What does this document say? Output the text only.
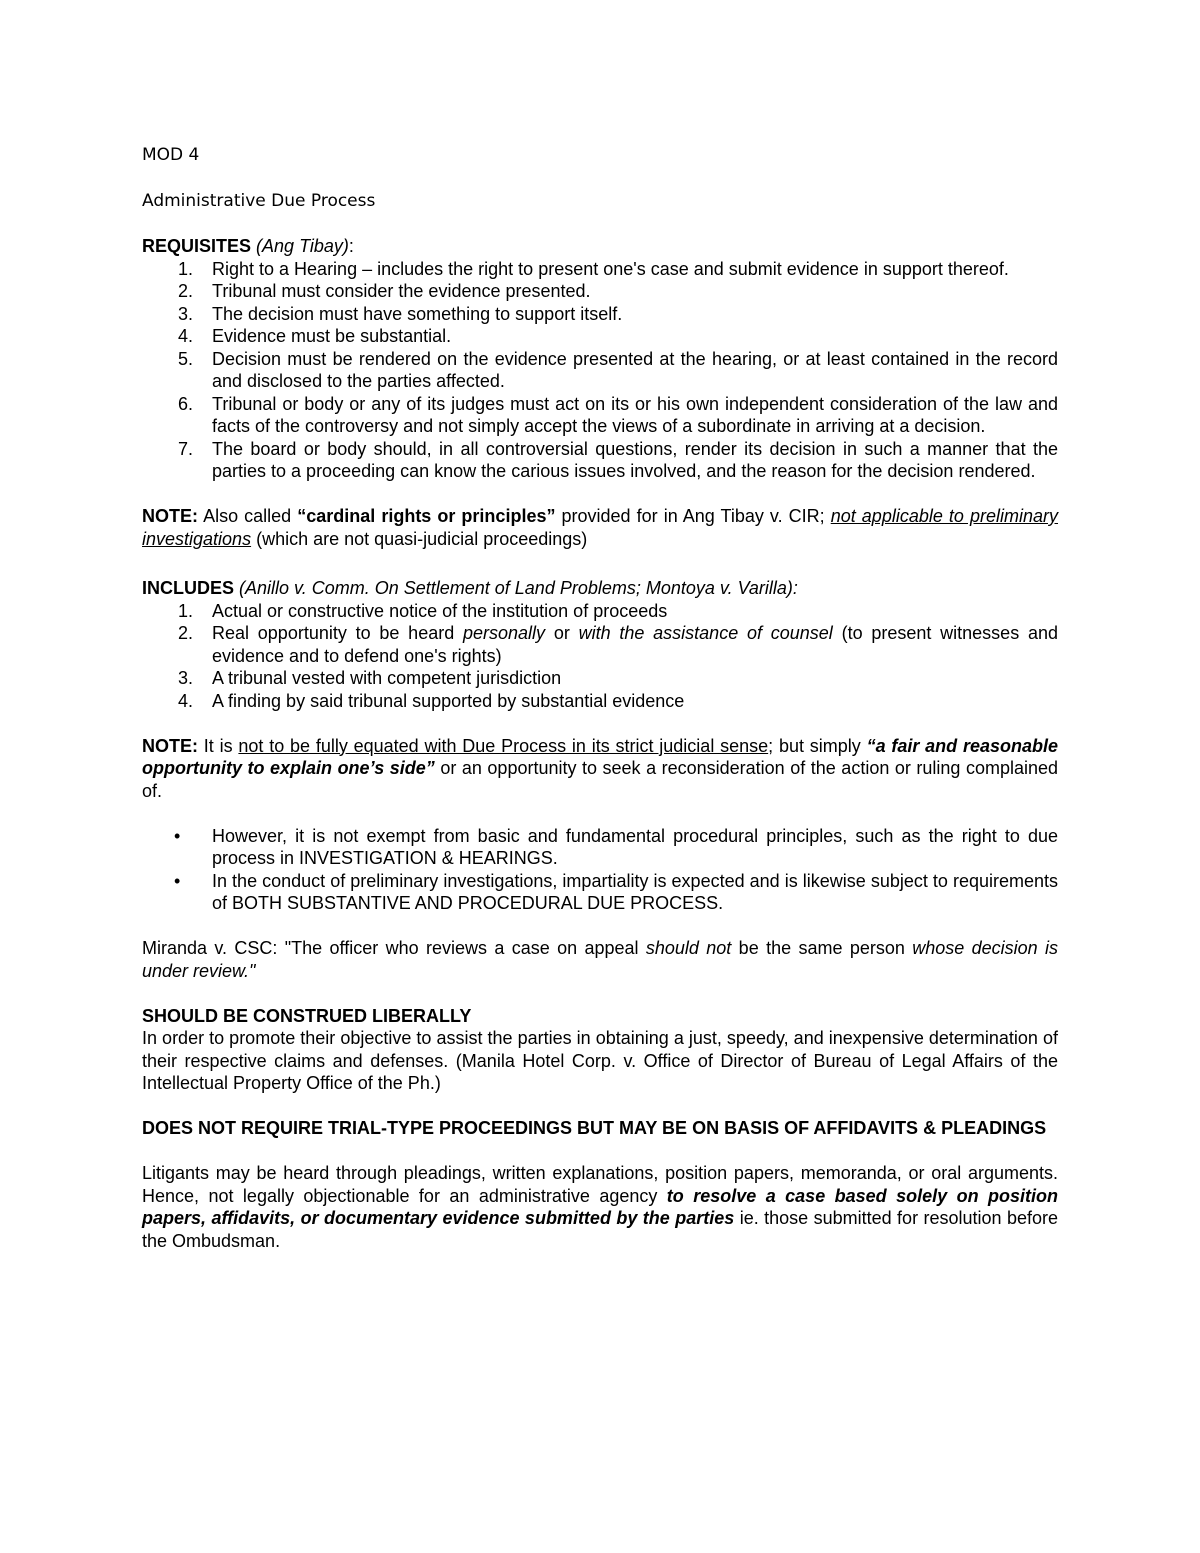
MOD 4
Administrative Due Process
REQUISITES (Ang Tibay):
1. Right to a Hearing – includes the right to present one's case and submit evidence in support thereof.
2. Tribunal must consider the evidence presented.
3. The decision must have something to support itself.
4. Evidence must be substantial.
5. Decision must be rendered on the evidence presented at the hearing, or at least contained in the record and disclosed to the parties affected.
6. Tribunal or body or any of its judges must act on its or his own independent consideration of the law and facts of the controversy and not simply accept the views of a subordinate in arriving at a decision.
7. The board or body should, in all controversial questions, render its decision in such a manner that the parties to a proceeding can know the carious issues involved, and the reason for the decision rendered.

NOTE: Also called “cardinal rights or principles” provided for in Ang Tibay v. CIR; not applicable to preliminary investigations (which are not quasi-judicial proceedings)

INCLUDES (Anillo v. Comm. On Settlement of Land Problems; Montoya v. Varilla):
1. Actual or constructive notice of the institution of proceeds
2. Real opportunity to be heard personally or with the assistance of counsel (to present witnesses and evidence and to defend one's rights)
3. A tribunal vested with competent jurisdiction
4. A finding by said tribunal supported by substantial evidence

NOTE: It is not to be fully equated with Due Process in its strict judicial sense; but simply “a fair and reasonable opportunity to explain one’s side” or an opportunity to seek a reconsideration of the action or ruling complained of.

• However, it is not exempt from basic and fundamental procedural principles, such as the right to due process in INVESTIGATION & HEARINGS.
• In the conduct of preliminary investigations, impartiality is expected and is likewise subject to requirements of BOTH SUBSTANTIVE AND PROCEDURAL DUE PROCESS.

Miranda v. CSC: "The officer who reviews a case on appeal should not be the same person whose decision is under review."

SHOULD BE CONSTRUED LIBERALLY

In order to promote their objective to assist the parties in obtaining a just, speedy, and inexpensive determination of their respective claims and defenses. (Manila Hotel Corp. v. Office of Director of Bureau of Legal Affairs of the Intellectual Property Office of the Ph.)

DOES NOT REQUIRE TRIAL-TYPE PROCEEDINGS BUT MAY BE ON BASIS OF AFFIDAVITS & PLEADINGS

Litigants may be heard through pleadings, written explanations, position papers, memoranda, or oral arguments. Hence, not legally objectionable for an administrative agency to resolve a case based solely on position papers, affidavits, or documentary evidence submitted by the parties ie. those submitted for resolution before the Ombudsman.
